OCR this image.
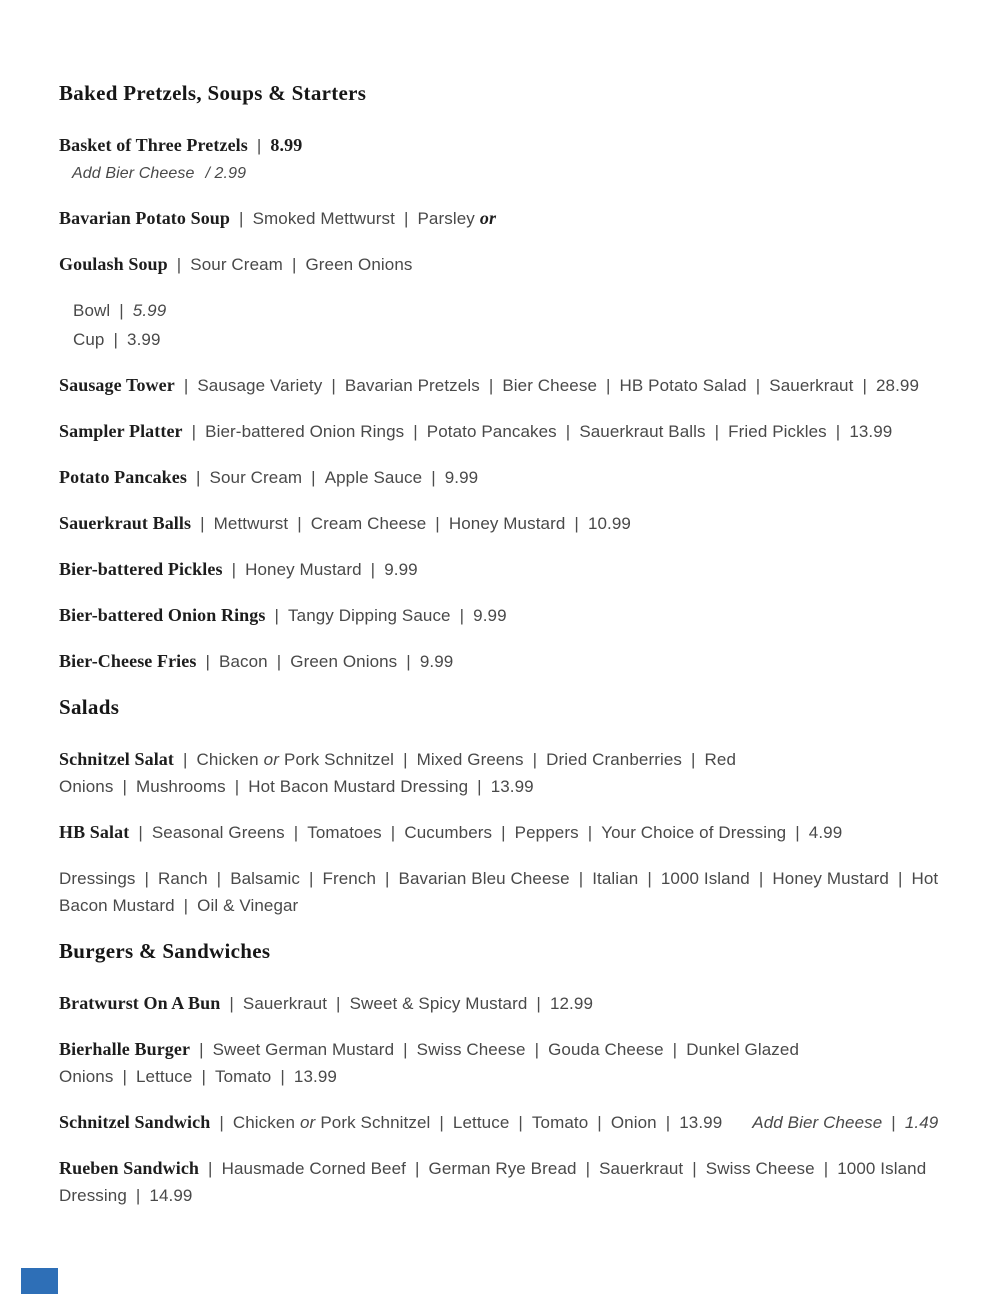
Baked Pretzels, Soups & Starters

Basket of Three Pretzels | 8.99

Add Bier Cheese / 2.99

Bavarian Potato Soup | Smoked Mettwurst | Parsley or

Goulash Soup | Sour Cream | Green Onions

Bowl | 5.99

Cup | 3.99

Sausage Tower | Sausage Variety | Bavarian Pretzels | Bier Cheese | HB Potato Salad | Sauerkraut | 28.99

Sampler Platter | Bier-battered Onion Rings | Potato Pancakes | Sauerkraut Balls | Fried Pickles | 13.99

Potato Pancakes | Sour Cream | Apple Sauce | 9.99

Sauerkraut Balls | Mettwurst | Cream Cheese | Honey Mustard | 10.99

Bier-battered Pickles | Honey Mustard | 9.99

Bier-battered Onion Rings | Tangy Dipping Sauce | 9.99

Bier-Cheese Fries | Bacon | Green Onions | 9.99

Salads

Schnitzel Salat | Chicken or Pork Schnitzel | Mixed Greens | Dried Cranberries | Red Onions | Mushrooms | Hot Bacon Mustard Dressing | 13.99

HB Salat | Seasonal Greens | Tomatoes | Cucumbers | Peppers | Your Choice of Dressing | 4.99

Dressings | Ranch | Balsamic | French | Bavarian Bleu Cheese | Italian | 1000 Island | Honey Mustard | Hot Bacon Mustard | Oil & Vinegar

Burgers & Sandwiches

Bratwurst On A Bun | Sauerkraut | Sweet & Spicy Mustard | 12.99

Bierhalle Burger | Sweet German Mustard | Swiss Cheese | Gouda Cheese | Dunkel Glazed Onions | Lettuce | Tomato | 13.99

Schnitzel Sandwich | Chicken or Pork Schnitzel | Lettuce | Tomato | Onion | 13.99 Add Bier Cheese | 1.49

Rueben Sandwich | Hausmade Corned Beef | German Rye Bread | Sauerkraut | Swiss Cheese | 1000 Island Dressing | 14.99
